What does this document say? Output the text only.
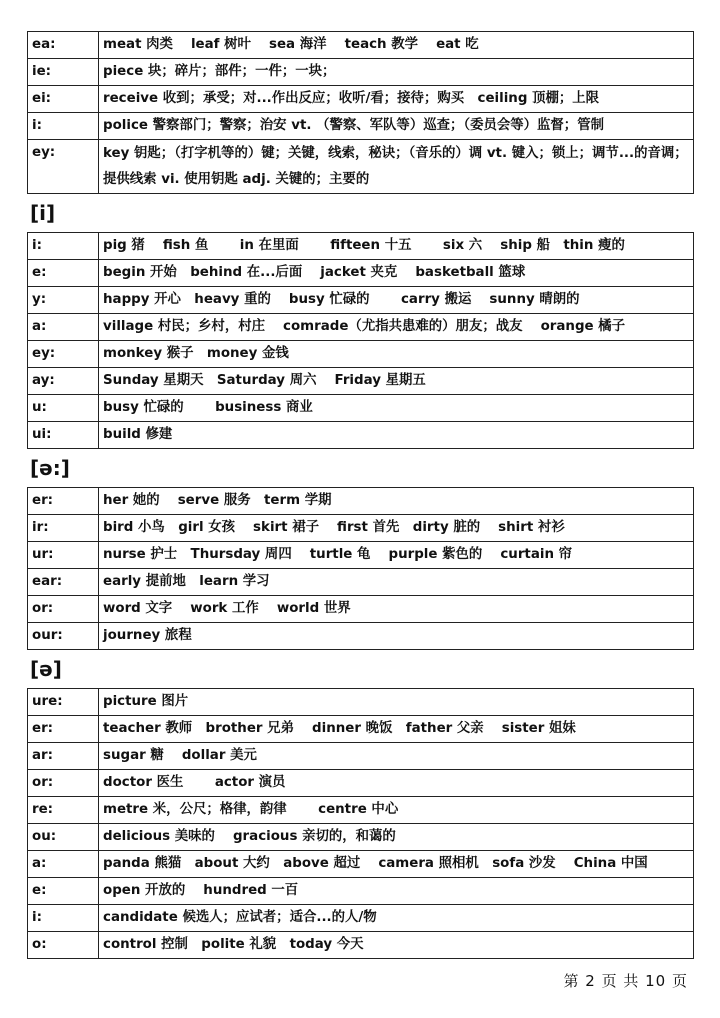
ea:	meat 肉类　 leaf 树叶　 sea 海洋　 teach 教学　 eat 吃
ie:	piece 块；碎片；部件；一件；一块；
ei:	receive 收到；承受；对...作出反应；收听/看；接待；购买　ceiling 顶棚；上限
i:	police 警察部门；警察；治安 vt. （警察、军队等）巡查；（委员会等）监督；管制
ey:	key 钥匙；（打字机等的）键；关键，线索，秘诀；（音乐的）调 vt. 键入；锁上；调节...的音调；提供线索 vi. 使用钥匙 adj. 关键的；主要的
[i]
i:	pig 猪　 fish 鱼　　 in 在里面　　 fifteen 十五　　 six 六　 ship 船　thin 瘦的
e:	begin 开始　behind 在...后面　 jacket 夹克　 basketball 篮球
y:	happy 开心　heavy 重的　 busy 忙碌的　　 carry 搬运　 sunny 晴朗的
a:	village 村民；乡村，村庄　 comrade（尤指共患难的）朋友；战友　 orange 橘子
ey:	monkey 猴子　money 金钱
ay:	Sunday 星期天　Saturday 周六　 Friday 星期五
u:	busy 忙碌的　　 business 商业
ui:	build 修建
[ə:]
er:	her 她的　 serve 服务　term 学期
ir:	bird 小鸟　girl 女孩　 skirt 裙子　 first 首先　dirty 脏的　 shirt 衬衫
ur:	nurse 护士　Thursday 周四　 turtle 龟　 purple 紫色的　 curtain 帘
ear:	early 提前地　learn 学习
or:	word 文字　 work 工作　 world 世界
our:	journey 旅程
[ə]
ure:	picture 图片
er:	teacher 教师　brother 兄弟　 dinner 晚饭　father 父亲　 sister 姐妹
ar:	sugar 糖　 dollar 美元
or:	doctor 医生　　 actor 演员
re:	metre 米，公尺；格律，韵律　　 centre 中心
ou:	delicious 美味的　 gracious 亲切的，和蔼的
a:	panda 熊猫　about 大约　above 超过　 camera 照相机　sofa 沙发　 China 中国
e:	open 开放的　 hundred 一百
i:	candidate 候选人；应试者；适合...的人/物
o:	control 控制　polite 礼貌　today 今天
第 2 页 共 10 页
